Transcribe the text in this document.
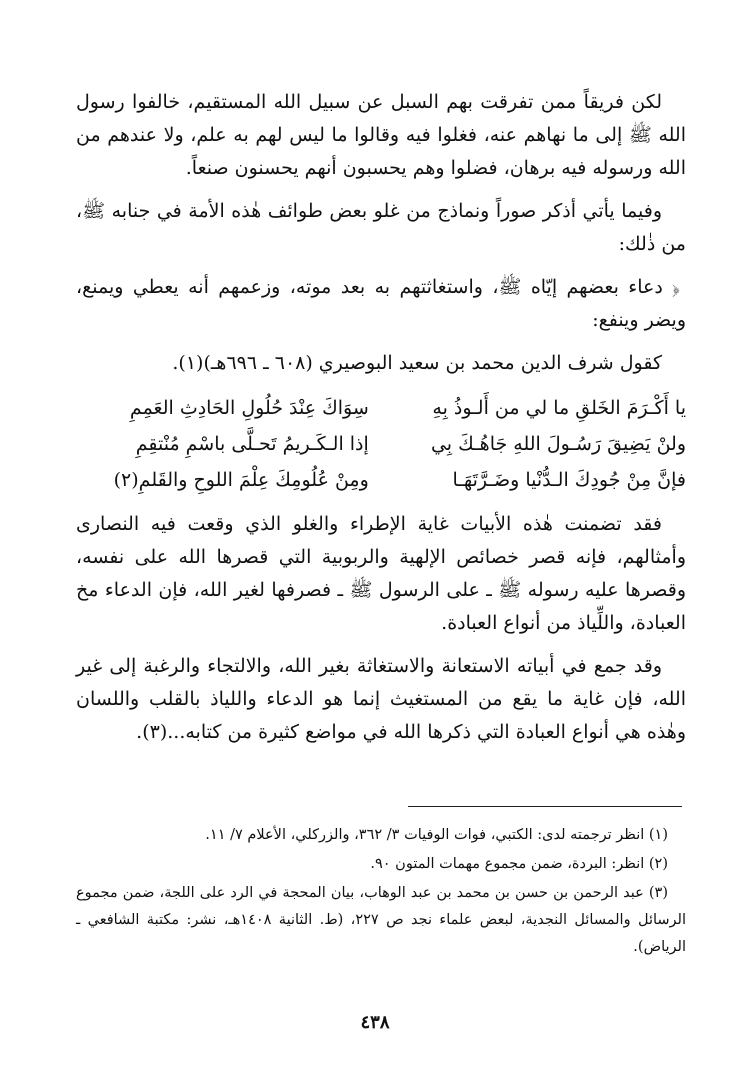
لكن فريقاً ممن تفرقت بهم السبل عن سبيل الله المستقيم، خالفوا رسول الله ﷺ إلى ما نهاهم عنه، فغلوا فيه وقالوا ما ليس لهم به علم، ولا عندهم من الله ورسوله فيه برهان، فضلوا وهم يحسبون أنهم يحسنون صنعاً.

وفيما يأتي أذكر صوراً ونماذج من غلو بعض طوائف هٰذه الأمة في جنابه ﷺ، من ذٰلك:

﴿ دعاء بعضهم إيّاه ﷺ، واستغاثتهم به بعد موته، وزعمهم أنه يعطي ويمنع، ويضر وينفع:

كقول شرف الدين محمد بن سعيد البوصيري (٦٠٨ ـ ٦٩٦هـ)(١).

يا أَكْـرَمَ الخَلقِ ما لي من أَلـوذُ بِهِ
سِوَاكَ عِنْدَ حُلُولِ الحَادِثِ العَمِمِ
ولنْ يَضِيقَ رَسُـولَ اللهِ جَاهُـكَ بِي
إذا الـكَـريمُ تَحـلَّى باسْمِ مُنْتقِمِ
فإنَّ مِنْ جُودِكَ الـدُّنْيا وضَـرَّتَهَـا
ومِنْ عُلُومِكَ عِلْمَ اللوحِ والقَلمِ(٢)

فقد تضمنت هٰذه الأبيات غاية الإطراء والغلو الذي وقعت فيه النصارى وأمثالهم، فإنه قصر خصائص الإلهية والربوبية التي قصرها الله على نفسه، وقصرها عليه رسوله ﷺ ـ على الرسول ﷺ ـ فصرفها لغير الله، فإن الدعاء مخ العبادة، واللِّياذ من أنواع العبادة.

وقد جمع في أبياته الاستعانة والاستغاثة بغير الله، والالتجاء والرغبة إلى غير الله، فإن غاية ما يقع من المستغيث إنما هو الدعاء واللياذ بالقلب واللسان وهٰذه هي أنواع العبادة التي ذكرها الله في مواضع كثيرة من كتابه...(٣).

(١) انظر ترجمته لدى: الكتبي، فوات الوفيات ٣/ ٣٦٢، والزركلي، الأعلام ٧/ ١١.

(٢) انظر: البردة، ضمن مجموع مهمات المتون ٩٠.

(٣) عبد الرحمن بن حسن بن محمد بن عبد الوهاب، بيان المحجة في الرد على اللجة، ضمن مجموع الرسائل والمسائل النجدية، لبعض علماء نجد ص ٢٢٧، (ط. الثانية ١٤٠٨هـ، نشر: مكتبة الشافعي ـ الرياض).

٤٣٨
